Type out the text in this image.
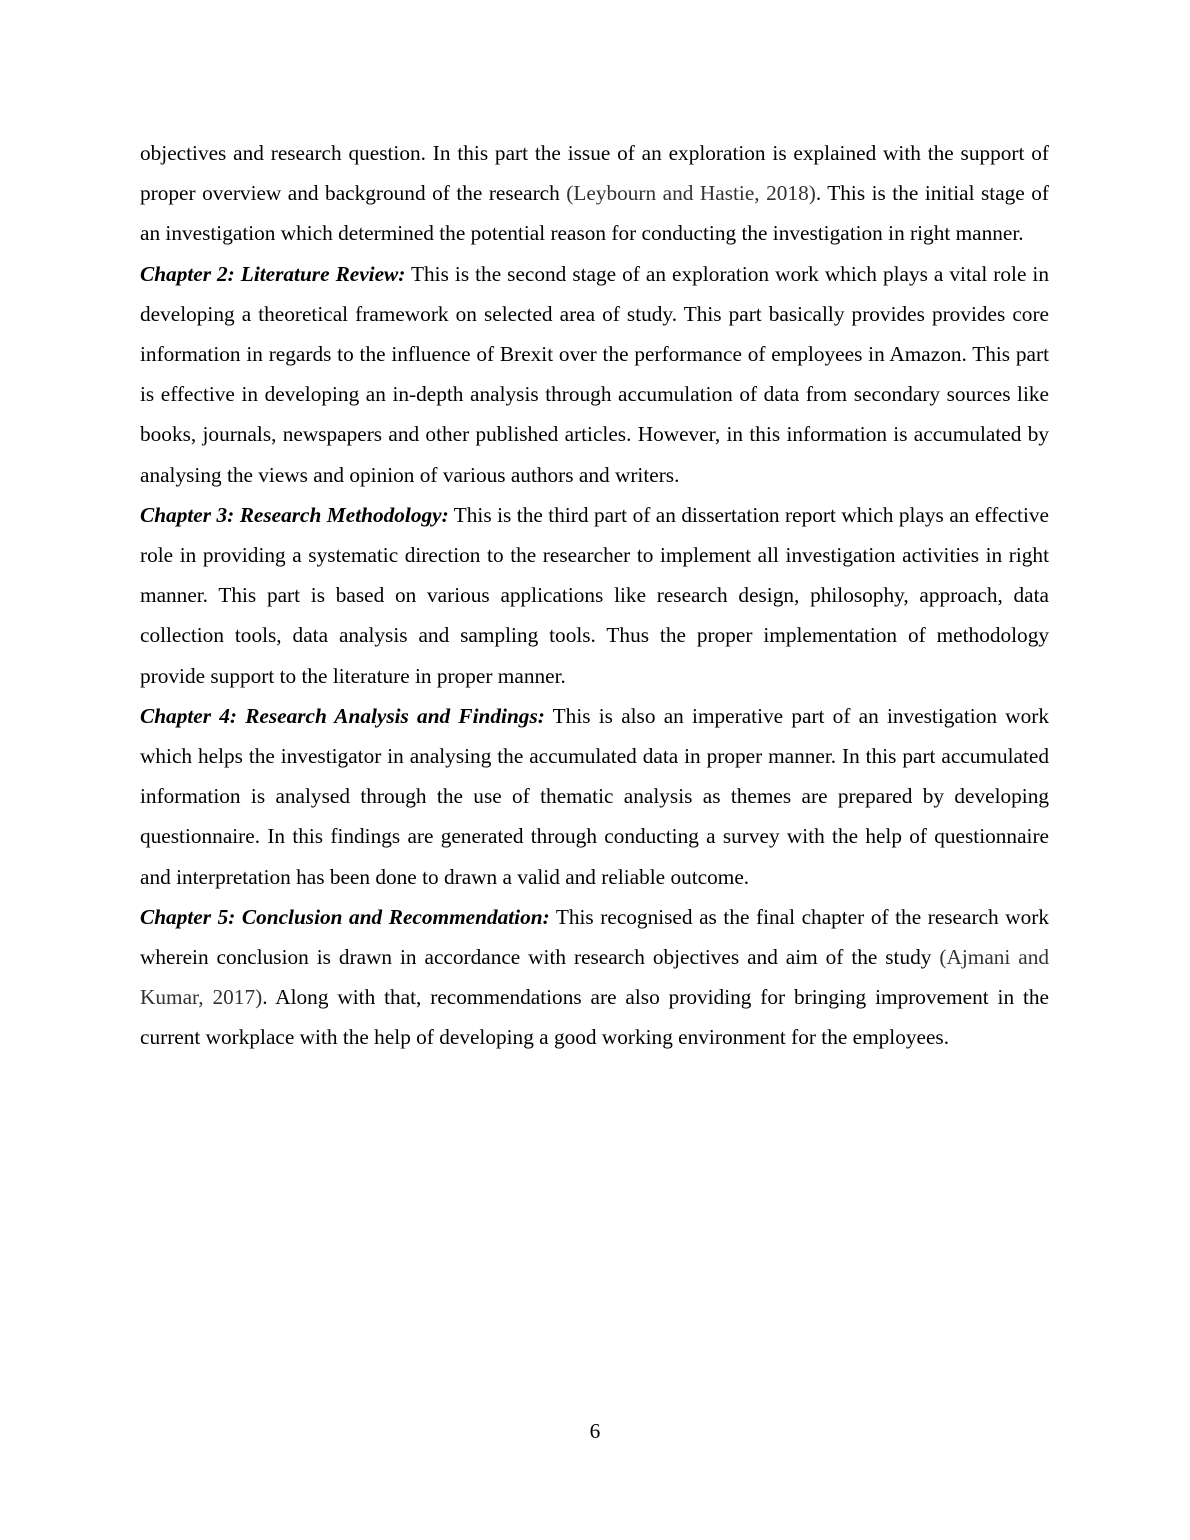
objectives and research question. In this part the issue of an exploration is explained with the support of proper overview and background of the research (Leybourn and Hastie, 2018). This is the initial stage of an investigation which determined the potential reason for conducting the investigation in right manner.

Chapter 2: Literature Review: This is the second stage of an exploration work which plays a vital role in developing a theoretical framework on selected area of study. This part basically provides provides core information in regards to the influence of Brexit over the performance of employees in Amazon. This part is effective in developing an in-depth analysis through accumulation of data from secondary sources like books, journals, newspapers and other published articles. However, in this information is accumulated by analysing the views and opinion of various authors and writers.

Chapter 3: Research Methodology: This is the third part of an dissertation report which plays an effective role in providing a systematic direction to the researcher to implement all investigation activities in right manner. This part is based on various applications like research design, philosophy, approach, data collection tools, data analysis and sampling tools. Thus the proper implementation of methodology provide support to the literature in proper manner.

Chapter 4: Research Analysis and Findings: This is also an imperative part of an investigation work which helps the investigator in analysing the accumulated data in proper manner. In this part accumulated information is analysed through the use of thematic analysis as themes are prepared by developing questionnaire. In this findings are generated through conducting a survey with the help of questionnaire and interpretation has been done to drawn a valid and reliable outcome.

Chapter 5: Conclusion and Recommendation: This recognised as the final chapter of the research work wherein conclusion is drawn in accordance with research objectives and aim of the study (Ajmani and Kumar, 2017). Along with that, recommendations are also providing for bringing improvement in the current workplace with the help of developing a good working environment for the employees.

6
